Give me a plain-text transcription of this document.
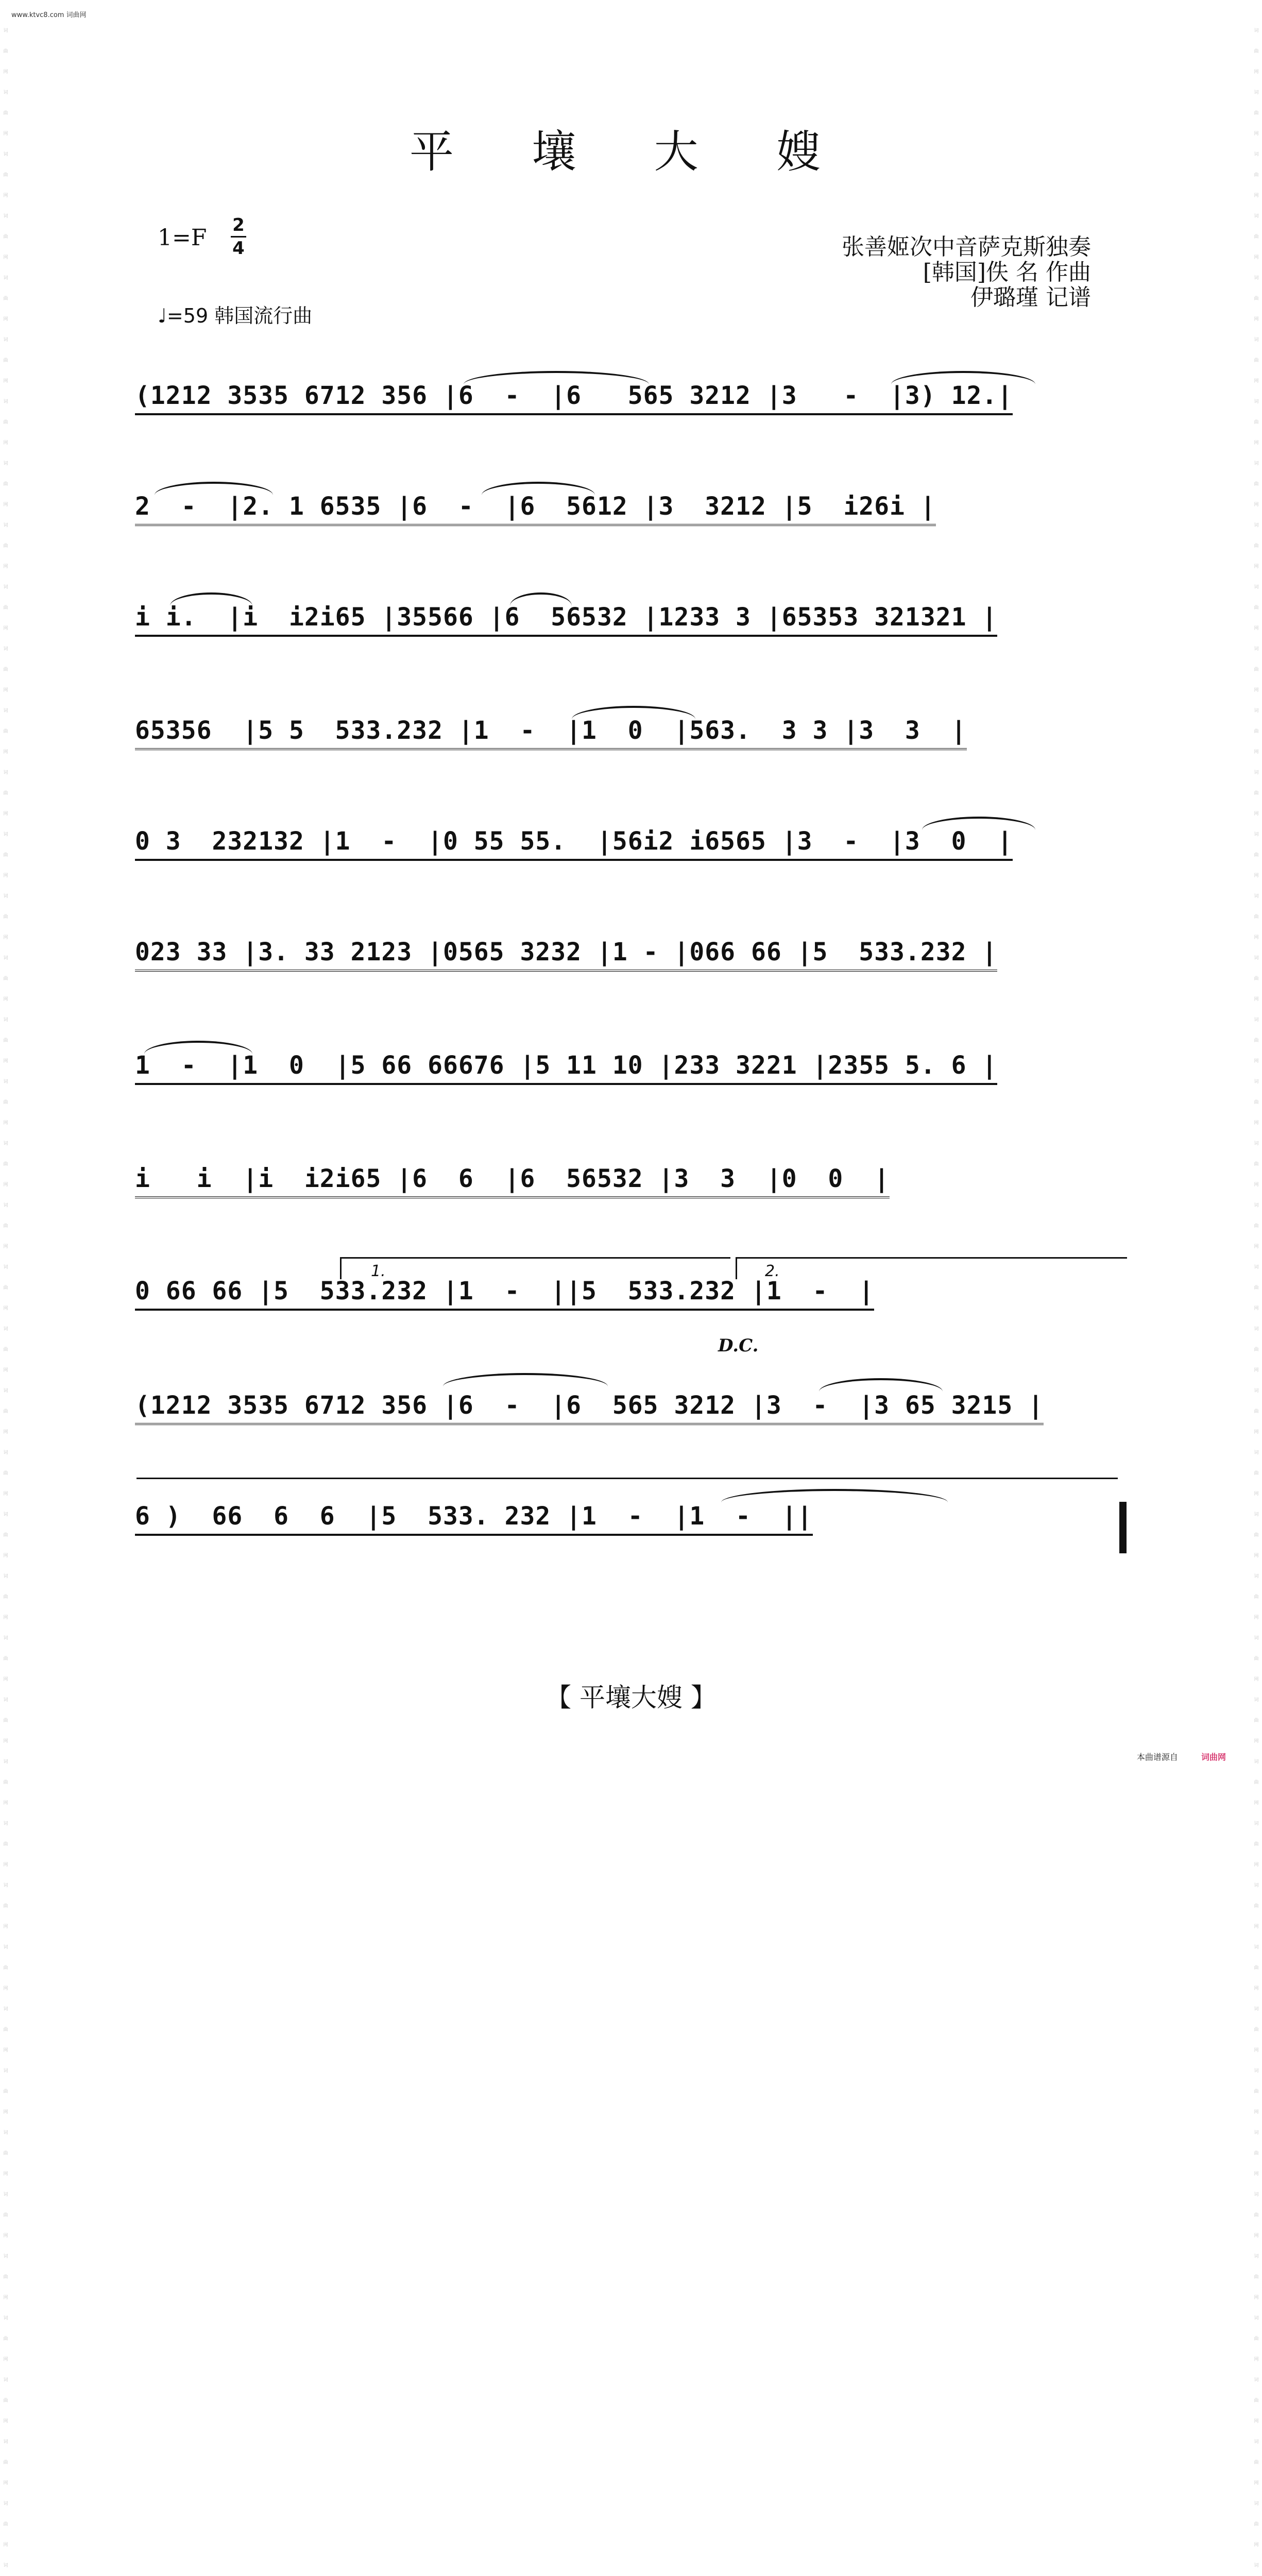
www.ktvc8.com 词曲网
词曲网词曲网词曲网词曲网词曲网词曲网词曲网词曲网词曲网词曲网词曲网词曲网词曲网词曲网词曲网词曲网词曲网词曲网词曲网词曲网词曲网词曲网词曲网词曲网词曲网词曲网词曲网词曲网词曲网词曲网词曲网词曲网词曲网词曲网词曲网词曲网词曲网词曲网词曲网词曲网词曲网词
词曲网词曲网词曲网词曲网词曲网词曲网词曲网词曲网词曲网词曲网词曲网词曲网词曲网词曲网词曲网词曲网词曲网词曲网词曲网词曲网词曲网词曲网词曲网词曲网词曲网词曲网词曲网词曲网词曲网词曲网词曲网词曲网词曲网词曲网词曲网词曲网词曲网词曲网词曲网词曲网词曲网词
平 壤 大 嫂
1=F 2
4
♩=59 韩国流行曲
张善姬次中音萨克斯独奏
[韩国]佚 名 作曲
伊璐瑾 记谱
(1212 3535 6712 356 |6  -  |6   565 3212 |3   -  |3) 12.|
2  -  |2. 1 6535 |6  -  |6  5612 |3  3212 |5  i26i |
i i.  |i  i2i65 |35566 |6  56532 |1233 3 |65353 321321 |
65356  |5 5  533.232 |1  -  |1  0  |563.  3 3 |3  3  |
0 3  232132 |1  -  |0 55 55.  |56i2 i6565 |3  -  |3  0  |
023 33 |3. 33 2123 |0565 3232 |1 - |066 66 |5  533.232 |
1  -  |1  0  |5 66 66676 |5 11 10 |233 3221 |2355 5. 6 |
i   i  |i  i2i65 |6  6  |6  56532 |3  3  |0  0  |
0 66 66 |5  533.232 |1  -  ||5  533.232 |1  -  |
(1212 3535 6712 356 |6  -  |6  565 3212 |3  -  |3 65 3215 |
6 )  66  6  6  |5  533. 232 |1  -  |1  -  ||
1.	2.
D.C.
【 平壤大嫂 】
本曲谱源自	词曲网
